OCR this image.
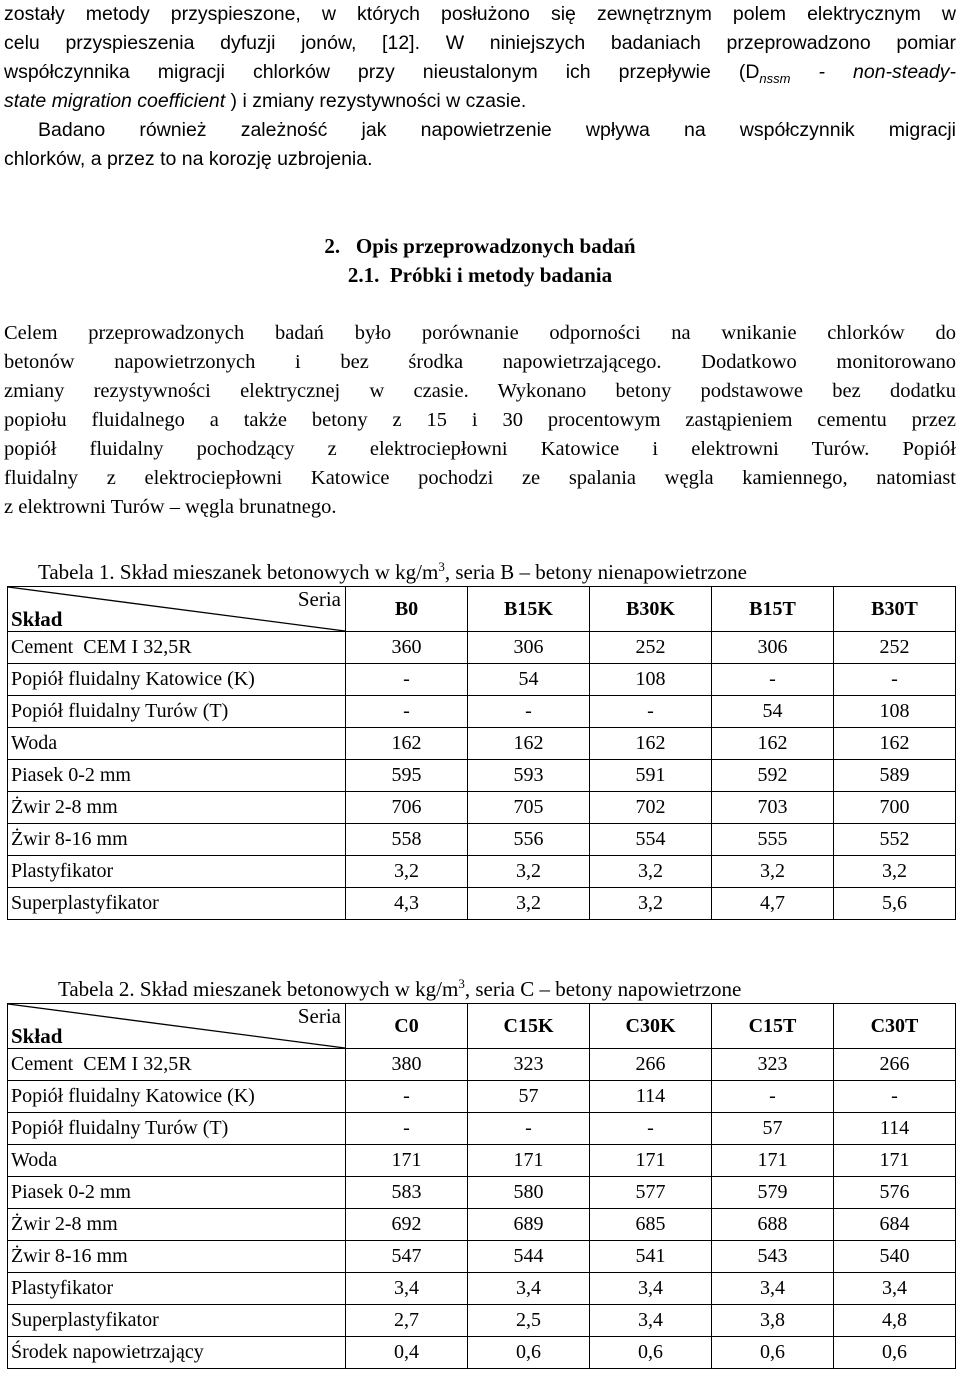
zostały metody przyspieszone, w których posłużono się zewnętrznym polem elektrycznym w
celu przyspieszenia dyfuzji jonów, [12]. W niniejszych badaniach przeprowadzono pomiar
współczynnika migracji chlorków przy nieustalonym ich przepływie ($D_{nssm}$ - non-steady-
state migration coefficient ) i zmiany rezystywności w czasie.
Badano również zależność jak napowietrzenie wpływa na współczynnik migracji
chlorków, a przez to na korozję uzbrojenia.
2.   Opis przeprowadzonych badań
2.1.  Próbki i metody badania
Celem przeprowadzonych badań było porównanie odporności na wnikanie chlorków do
betonów napowietrzonych i bez środka napowietrzającego. Dodatkowo monitorowano
zmiany rezystywności elektrycznej w czasie. Wykonano betony podstawowe bez dodatku
popiołu fluidalnego a także betony z 15 i 30 procentowym zastąpieniem cementu przez
popiół fluidalny pochodzący z elektrociepłowni Katowice i elektrowni Turów. Popiół
fluidalny z elektrociepłowni Katowice pochodzi ze spalania węgla kamiennego, natomiast
z elektrowni Turów – węgla brunatnego.
Tabela 1. Skład mieszanek betonowych w $kg/m^3$, seria B – betony nienapowietrzone
Seria
Skład	B0	B15K	B30K	B15T	B30T
Cement  CEM I 32,5R	360	306	252	306	252
Popiół fluidalny Katowice (K)	-	54	108	-	-
Popiół fluidalny Turów (T)	-	-	-	54	108
Woda	162	162	162	162	162
Piasek 0-2 mm	595	593	591	592	589
Żwir 2-8 mm	706	705	702	703	700
Żwir 8-16 mm	558	556	554	555	552
Plastyfikator	3,2	3,2	3,2	3,2	3,2
Superplastyfikator	4,3	3,2	3,2	4,7	5,6
Tabela 2. Skład mieszanek betonowych w $kg/m^3$, seria C – betony napowietrzone
Seria
Skład	C0	C15K	C30K	C15T	C30T
Cement  CEM I 32,5R	380	323	266	323	266
Popiół fluidalny Katowice (K)	-	57	114	-	-
Popiół fluidalny Turów (T)	-	-	-	57	114
Woda	171	171	171	171	171
Piasek 0-2 mm	583	580	577	579	576
Żwir 2-8 mm	692	689	685	688	684
Żwir 8-16 mm	547	544	541	543	540
Plastyfikator	3,4	3,4	3,4	3,4	3,4
Superplastyfikator	2,7	2,5	3,4	3,8	4,8
Środek napowietrzający	0,4	0,6	0,6	0,6	0,6
